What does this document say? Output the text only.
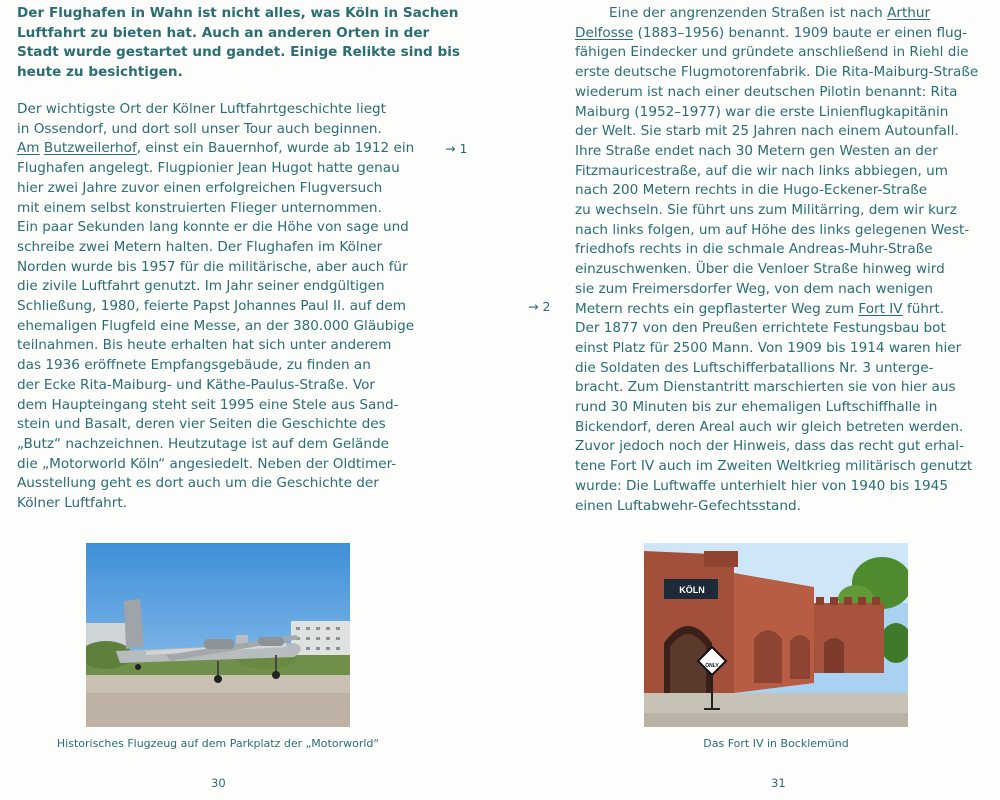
Der Flughafen in Wahn ist nicht alles, was Köln in Sachen
Luftfahrt zu bieten hat. Auch an anderen Orten in der
Stadt wurde gestartet und gandet. Einige Relikte sind bis
heute zu besichtigen.
Der wichtigste Ort der Kölner Luftfahrtgeschichte liegt
in Ossendorf, und dort soll unser Tour auch beginnen.
Am Butzweilerhof, einst ein Bauernhof, wurde ab 1912 ein
Flughafen angelegt. Flugpionier Jean Hugot hatte genau
hier zwei Jahre zuvor einen erfolgreichen Flugversuch
mit einem selbst konstruierten Flieger unternommen.
Ein paar Sekunden lang konnte er die Höhe von sage und
schreibe zwei Metern halten. Der Flughafen im Kölner
Norden wurde bis 1957 für die militärische, aber auch für
die zivile Luftfahrt genutzt. Im Jahr seiner endgültigen
Schließung, 1980, feierte Papst Johannes Paul II. auf dem
ehemaligen Flugfeld eine Messe, an der 380.000 Gläubige
teilnahmen. Bis heute erhalten hat sich unter anderem
das 1936 eröffnete Empfangsgebäude, zu finden an
der Ecke Rita-Maiburg- und Käthe-Paulus-Straße. Vor
dem Haupteingang steht seit 1995 eine Stele aus Sand-
stein und Basalt, deren vier Seiten die Geschichte des
„Butz“ nachzeichnen. Heutzutage ist auf dem Gelände
die „Motorworld Köln“ angesiedelt. Neben der Oldtimer-
Ausstellung geht es dort auch um die Geschichte der
Kölner Luftfahrt.
→ 1
Historisches Flugzeug auf dem Parkplatz der „Motorworld“
30
Eine der angrenzenden Straßen ist nach Arthur
Delfosse (1883–1956) benannt. 1909 baute er einen flug-
fähigen Eindecker und gründete anschließend in Riehl die
erste deutsche Flugmotorenfabrik. Die Rita-Maiburg-Straße
wiederum ist nach einer deutschen Pilotin benannt: Rita
Maiburg (1952–1977) war die erste Linienflugkapitänin
der Welt. Sie starb mit 25 Jahren nach einem Autounfall.
Ihre Straße endet nach 30 Metern gen Westen an der
Fitzmauricestraße, auf die wir nach links abbiegen, um
nach 200 Metern rechts in die Hugo-Eckener-Straße
zu wechseln. Sie führt uns zum Militärring, dem wir kurz
nach links folgen, um auf Höhe des links gelegenen West-
friedhofs rechts in die schmale Andreas-Muhr-Straße
einzuschwenken. Über die Venloer Straße hinweg wird
sie zum Freimersdorfer Weg, von dem nach wenigen
Metern rechts ein gepflasterter Weg zum Fort IV führt.
Der 1877 von den Preußen errichtete Festungsbau bot
einst Platz für 2500 Mann. Von 1909 bis 1914 waren hier
die Soldaten des Luftschifferbatallions Nr. 3 unterge-
bracht. Zum Dienstantritt marschierten sie von hier aus
rund 30 Minuten bis zur ehemaligen Luftschiffhalle in
Bickendorf, deren Areal auch wir gleich betreten werden.
Zuvor jedoch noch der Hinweis, dass das recht gut erhal-
tene Fort IV auch im Zweiten Weltkrieg militärisch genutzt
wurde: Die Luftwaffe unterhielt hier von 1940 bis 1945
einen Luftabwehr-Gefechtsstand.
→ 2
KÖLN
ONLY
Das Fort IV in Bocklemünd
31
